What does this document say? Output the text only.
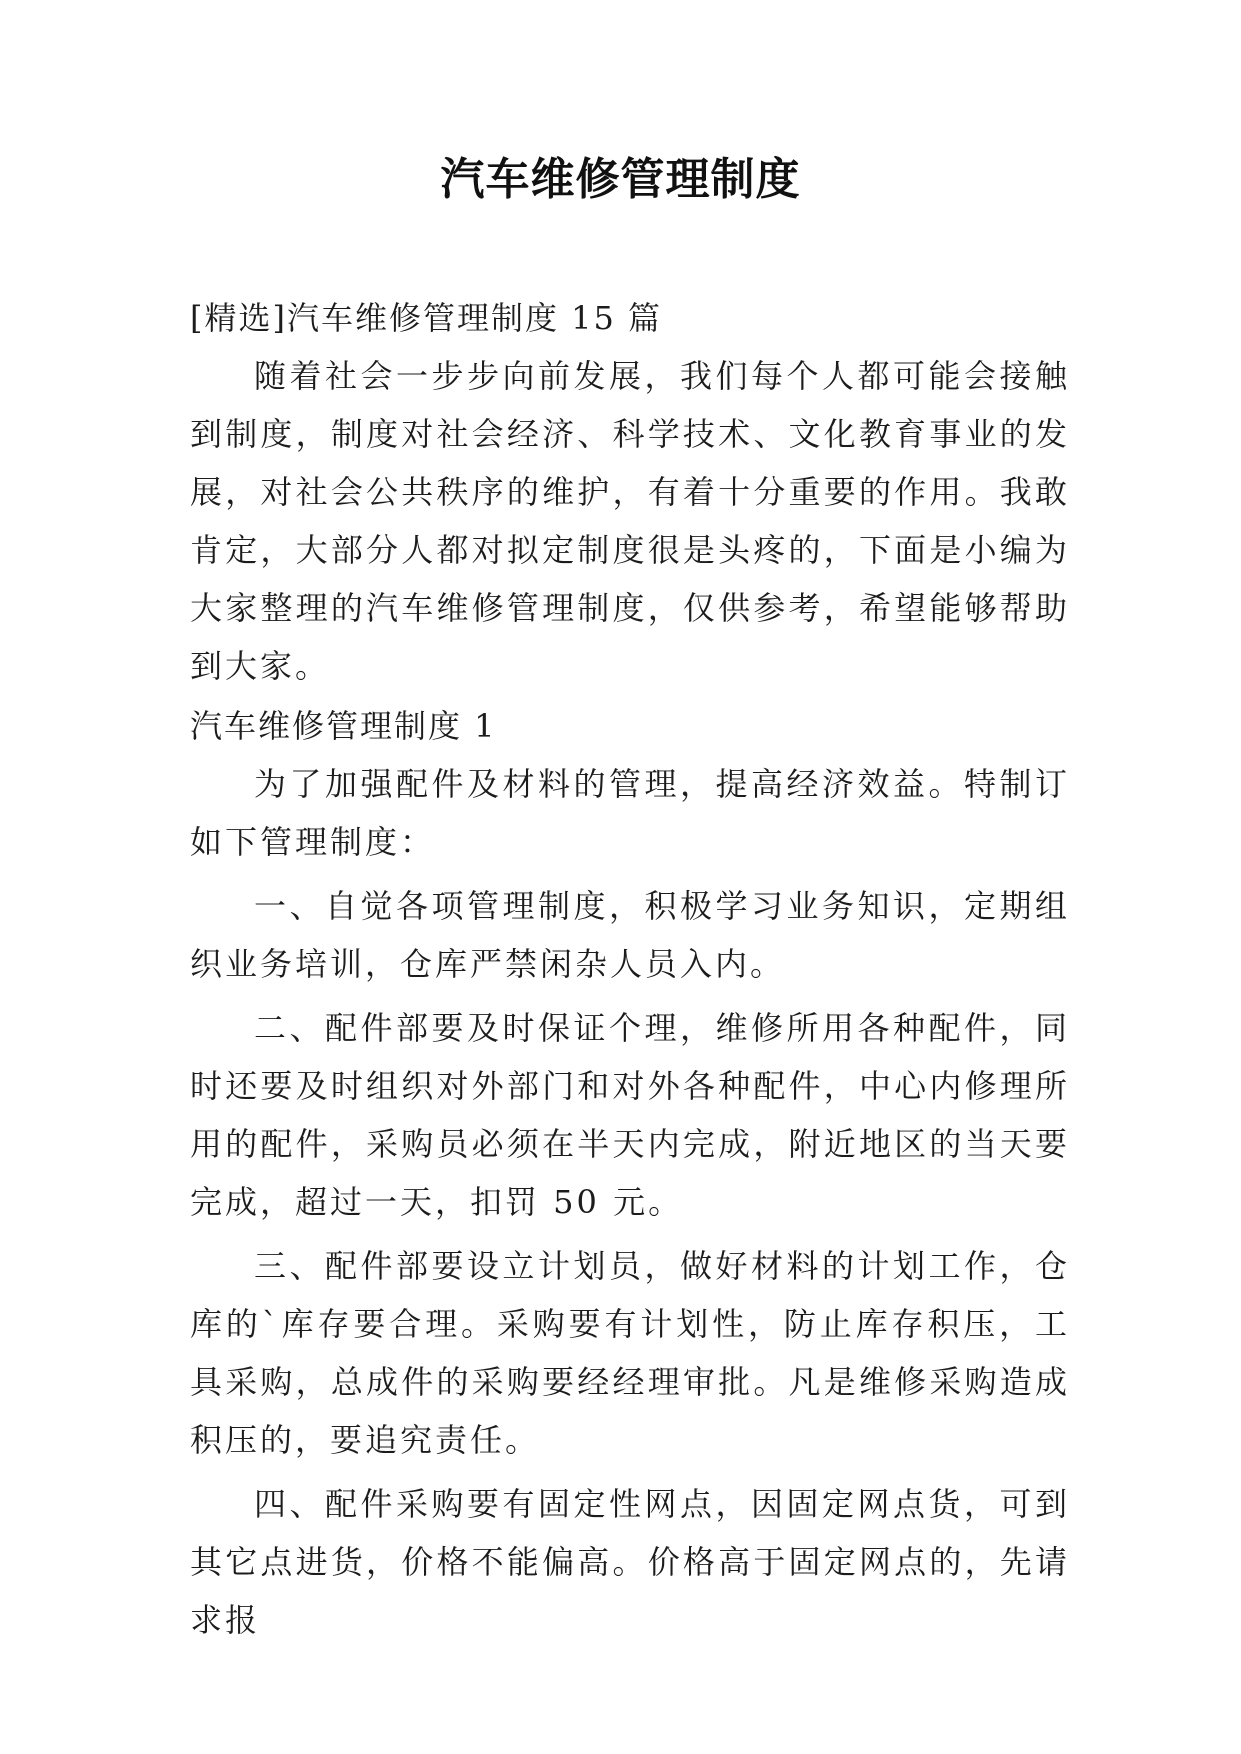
汽车维修管理制度
[精选]汽车维修管理制度 15 篇

随着社会一步步向前发展，我们每个人都可能会接触到制度，制度对社会经济、科学技术、文化教育事业的发展，对社会公共秩序的维护，有着十分重要的作用。我敢肯定，大部分人都对拟定制度很是头疼的，下面是小编为大家整理的汽车维修管理制度，仅供参考，希望能够帮助到大家。

汽车维修管理制度 1

为了加强配件及材料的管理，提高经济效益。特制订如下管理制度：

一、自觉各项管理制度，积极学习业务知识，定期组织业务培训，仓库严禁闲杂人员入内。

二、配件部要及时保证个理，维修所用各种配件，同时还要及时组织对外部门和对外各种配件，中心内修理所用的配件，采购员必须在半天内完成，附近地区的当天要完成，超过一天，扣罚 50 元。

三、配件部要设立计划员，做好材料的计划工作，仓库的`库存要合理。采购要有计划性，防止库存积压，工具采购，总成件的采购要经经理审批。凡是维修采购造成积压的，要追究责任。

四、配件采购要有固定性网点，因固定网点货，可到其它点进货，价格不能偏高。价格高于固定网点的，先请求报
